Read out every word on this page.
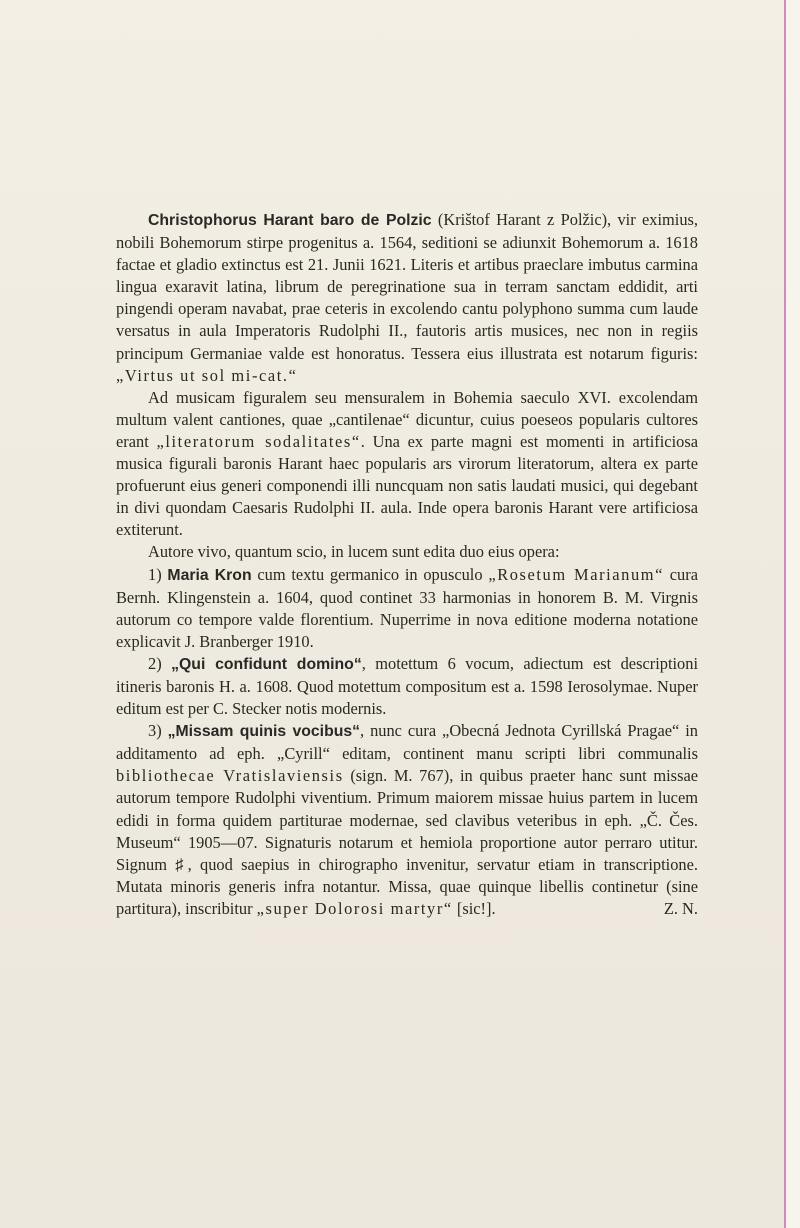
Christophorus Harant baro de Polzic (Krištof Harant z Polžic), vir eximius, nobili Bohemorum stirpe progenitus a. 1564, seditioni se adiunxit Bohemorum a. 1618 factae et gladio extinctus est 21. Junii 1621. Literis et artibus praeclare imbutus carmina lingua exaravit latina, librum de peregrinatione sua in terram sanctam eddidit, arti pingendi operam navabat, prae ceteris in excolendo cantu polyphono summa cum laude versatus in aula Imperatoris Rudolphi II., fautoris artis musices, nec non in regiis principum Germaniae valde est honoratus. Tessera eius illustrata est notarum figuris: „Virtus ut sol mi-cat.“

Ad musicam figuralem seu mensuralem in Bohemia saeculo XVI. excolendam multum valent cantiones, quae „cantilenae“ dicuntur, cuius poeseos popularis cultores erant „literatorum sodalitates“. Una ex parte magni est momenti in artificiosa musica figurali baronis Harant haec popularis ars virorum literatorum, altera ex parte profuerunt eius generi componendi illi nuncquam non satis laudati musici, qui degebant in divi quondam Caesaris Rudolphi II. aula. Inde opera baronis Harant vere artificiosa extiterunt.

Autore vivo, quantum scio, in lucem sunt edita duo eius opera:

1) Maria Kron cum textu germanico in opusculo „Rosetum Marianum“ cura Bernh. Klingenstein a. 1604, quod continet 33 harmonias in honorem B. M. Virgnis autorum co tempore valde florentium. Nuperrime in nova editione moderna notatione explicavit J. Branberger 1910.

2) „Qui confidunt domino“, motettum 6 vocum, adiectum est descriptioni itineris baronis H. a. 1608. Quod motettum compositum est a. 1598 Ierosolymae. Nuper editum est per C. Stecker notis modernis.

3) „Missam quinis vocibus“, nunc cura „Obecná Jednota Cyrillská Pragae“ in additamento ad eph. „Cyrill“ editam, continent manu scripti libri communalis bibliothecae Vratislaviensis (sign. M. 767), in quibus praeter hanc sunt missae autorum tempore Rudolphi viventium. Primum maiorem missae huius partem in lucem edidi in forma quidem partiturae modernae, sed clavibus veteribus in eph. „Č. Čes. Museum“ 1905—07. Signaturis notarum et hemiola proportione autor perraro utitur. Signum ♯, quod saepius in chirographo invenitur, servatur etiam in transcriptione. Mutata minoris generis infra notantur. Missa, quae quinque libellis continetur (sine partitura), inscribitur „super Dolorosi martyr“ [sic!].	Z. N.
